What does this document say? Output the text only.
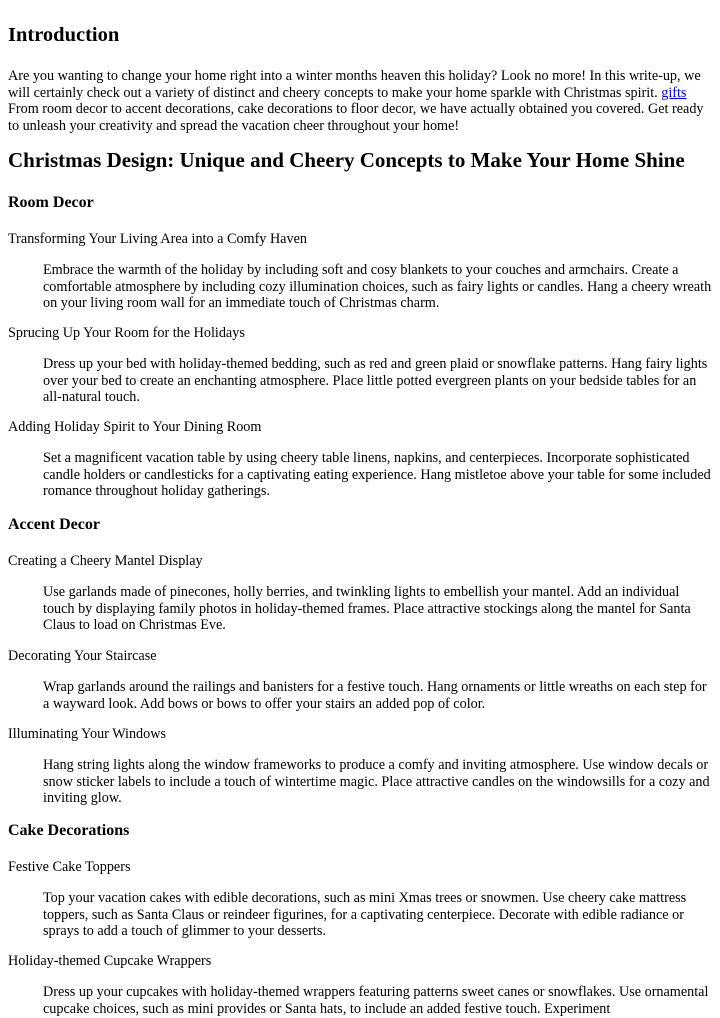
Introduction

Are you wanting to change your home right into a winter months heaven this holiday? Look no more! In this write-up, we will certainly check out a variety of distinct and cheery concepts to make your home sparkle with Christmas spirit. gifts From room decor to accent decorations, cake decorations to floor decor, we have actually obtained you covered. Get ready to unleash your creativity and spread the vacation cheer throughout your home!

Christmas Design: Unique and Cheery Concepts to Make Your Home Shine
Room Decor

Transforming Your Living Area into a Comfy Haven

Embrace the warmth of the holiday by including soft and cosy blankets to your couches and armchairs. Create a comfortable atmosphere by including cozy illumination choices, such as fairy lights or candles. Hang a cheery wreath on your living room wall for an immediate touch of Christmas charm.

Sprucing Up Your Room for the Holidays

Dress up your bed with holiday-themed bedding, such as red and green plaid or snowflake patterns. Hang fairy lights over your bed to create an enchanting atmosphere. Place little potted evergreen plants on your bedside tables for an all-natural touch.

Adding Holiday Spirit to Your Dining Room

Set a magnificent vacation table by using cheery table linens, napkins, and centerpieces. Incorporate sophisticated candle holders or candlesticks for a captivating eating experience. Hang mistletoe above your table for some included romance throughout holiday gatherings.

Accent Decor

Creating a Cheery Mantel Display

Use garlands made of pinecones, holly berries, and twinkling lights to embellish your mantel. Add an individual touch by displaying family photos in holiday-themed frames. Place attractive stockings along the mantel for Santa Claus to load on Christmas Eve.

Decorating Your Staircase

Wrap garlands around the railings and banisters for a festive touch. Hang ornaments or little wreaths on each step for a wayward look. Add bows or bows to offer your stairs an added pop of color.

Illuminating Your Windows

Hang string lights along the window frameworks to produce a comfy and inviting atmosphere. Use window decals or snow sticker labels to include a touch of wintertime magic. Place attractive candles on the windowsills for a cozy and inviting glow.

Cake Decorations

Festive Cake Toppers

Top your vacation cakes with edible decorations, such as mini Xmas trees or snowmen. Use cheery cake mattress toppers, such as Santa Claus or reindeer figurines, for a captivating centerpiece. Decorate with edible radiance or sprays to add a touch of glimmer to your desserts.

Holiday-themed Cupcake Wrappers

Dress up your cupcakes with holiday-themed wrappers featuring patterns sweet canes or snowflakes. Use ornamental cupcake choices, such as mini provides or Santa hats, to include an added festive touch. Experiment
